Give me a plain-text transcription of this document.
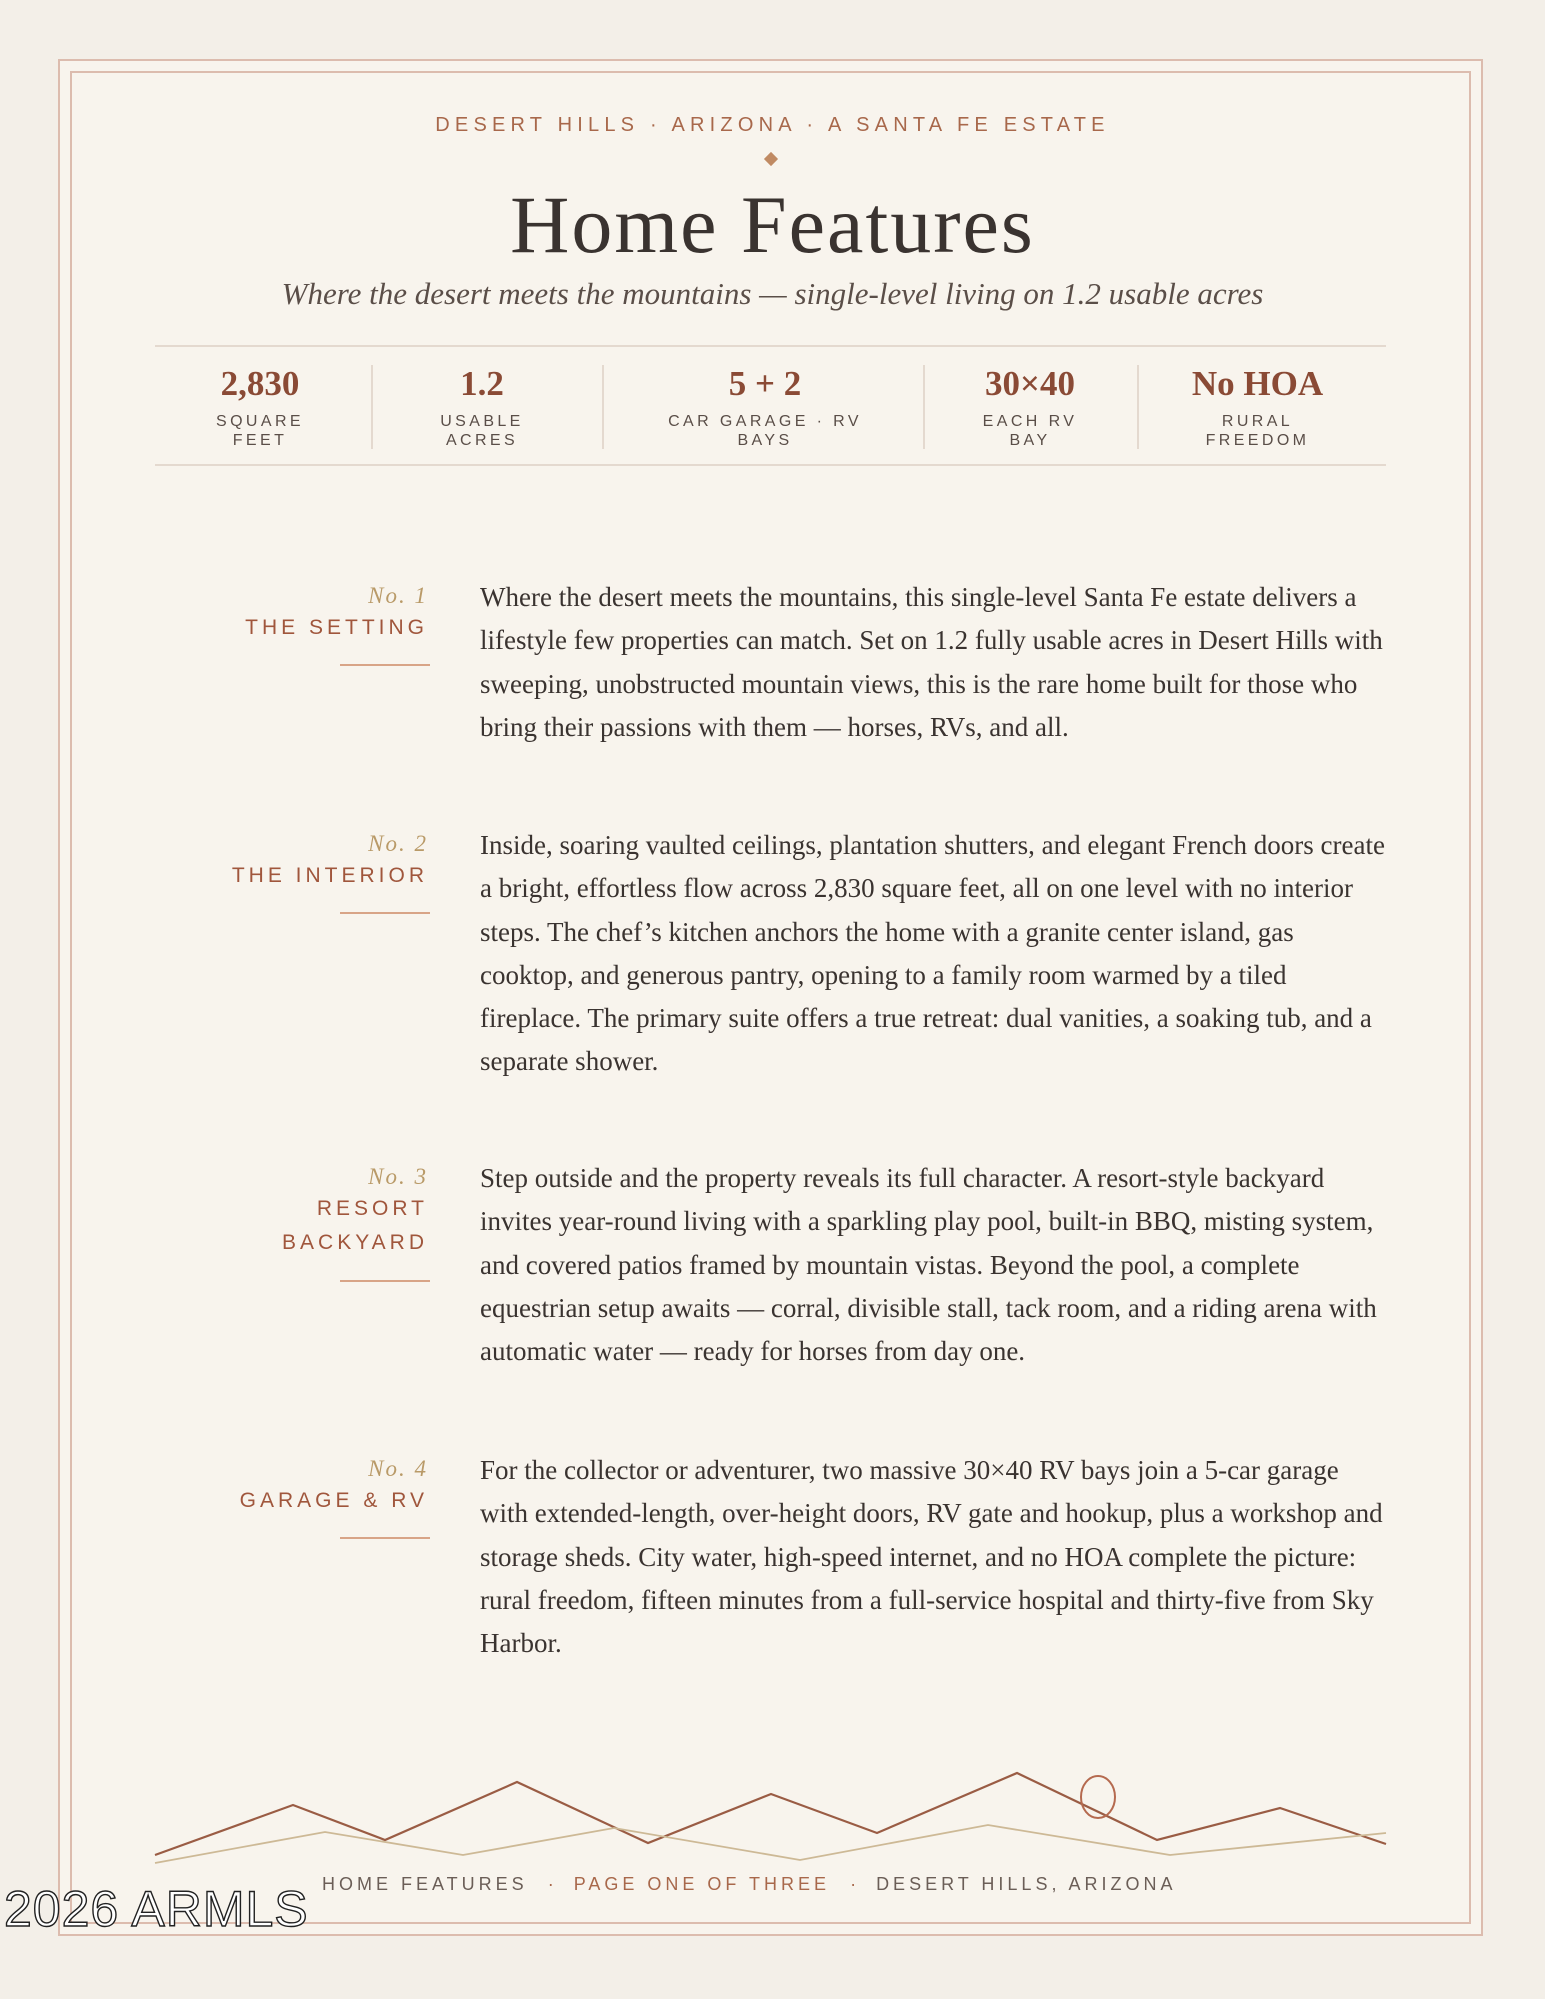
DESERT HILLS · ARIZONA · A SANTA FE ESTATE
Home Features
Where the desert meets the mountains — single-level living on 1.2 usable acres
2,830
SQUARE
FEET
1.2
USABLE
ACRES
5 + 2
CAR GARAGE · RV
BAYS
30×40
EACH RV
BAY
No HOA
RURAL
FREEDOM
No. 1
THE SETTING
Where the desert meets the mountains, this single-level Santa Fe estate delivers a lifestyle few properties can match. Set on 1.2 fully usable acres in Desert Hills with sweeping, unobstructed mountain views, this is the rare home built for those who bring their passions with them — horses, RVs, and all.
No. 2
THE INTERIOR
Inside, soaring vaulted ceilings, plantation shutters, and elegant French doors create a bright, effortless flow across 2,830 square feet, all on one level with no interior steps. The chef’s kitchen anchors the home with a granite center island, gas cooktop, and generous pantry, opening to a family room warmed by a tiled fireplace. The primary suite offers a true retreat: dual vanities, a soaking tub, and a separate shower.
No. 3
RESORT
BACKYARD
Step outside and the property reveals its full character. A resort-style backyard invites year-round living with a sparkling play pool, built-in BBQ, misting system, and covered patios framed by mountain vistas. Beyond the pool, a complete equestrian setup awaits — corral, divisible stall, tack room, and a riding arena with automatic water — ready for horses from day one.
No. 4
GARAGE & RV
For the collector or adventurer, two massive 30×40 RV bays join a 5-car garage with extended-length, over-height doors, RV gate and hookup, plus a workshop and storage sheds. City water, high-speed internet, and no HOA complete the picture: rural freedom, fifteen minutes from a full-service hospital and thirty-five from Sky Harbor.
HOME FEATURES · PAGE ONE OF THREE · DESERT HILLS, ARIZONA
2026 ARMLS
